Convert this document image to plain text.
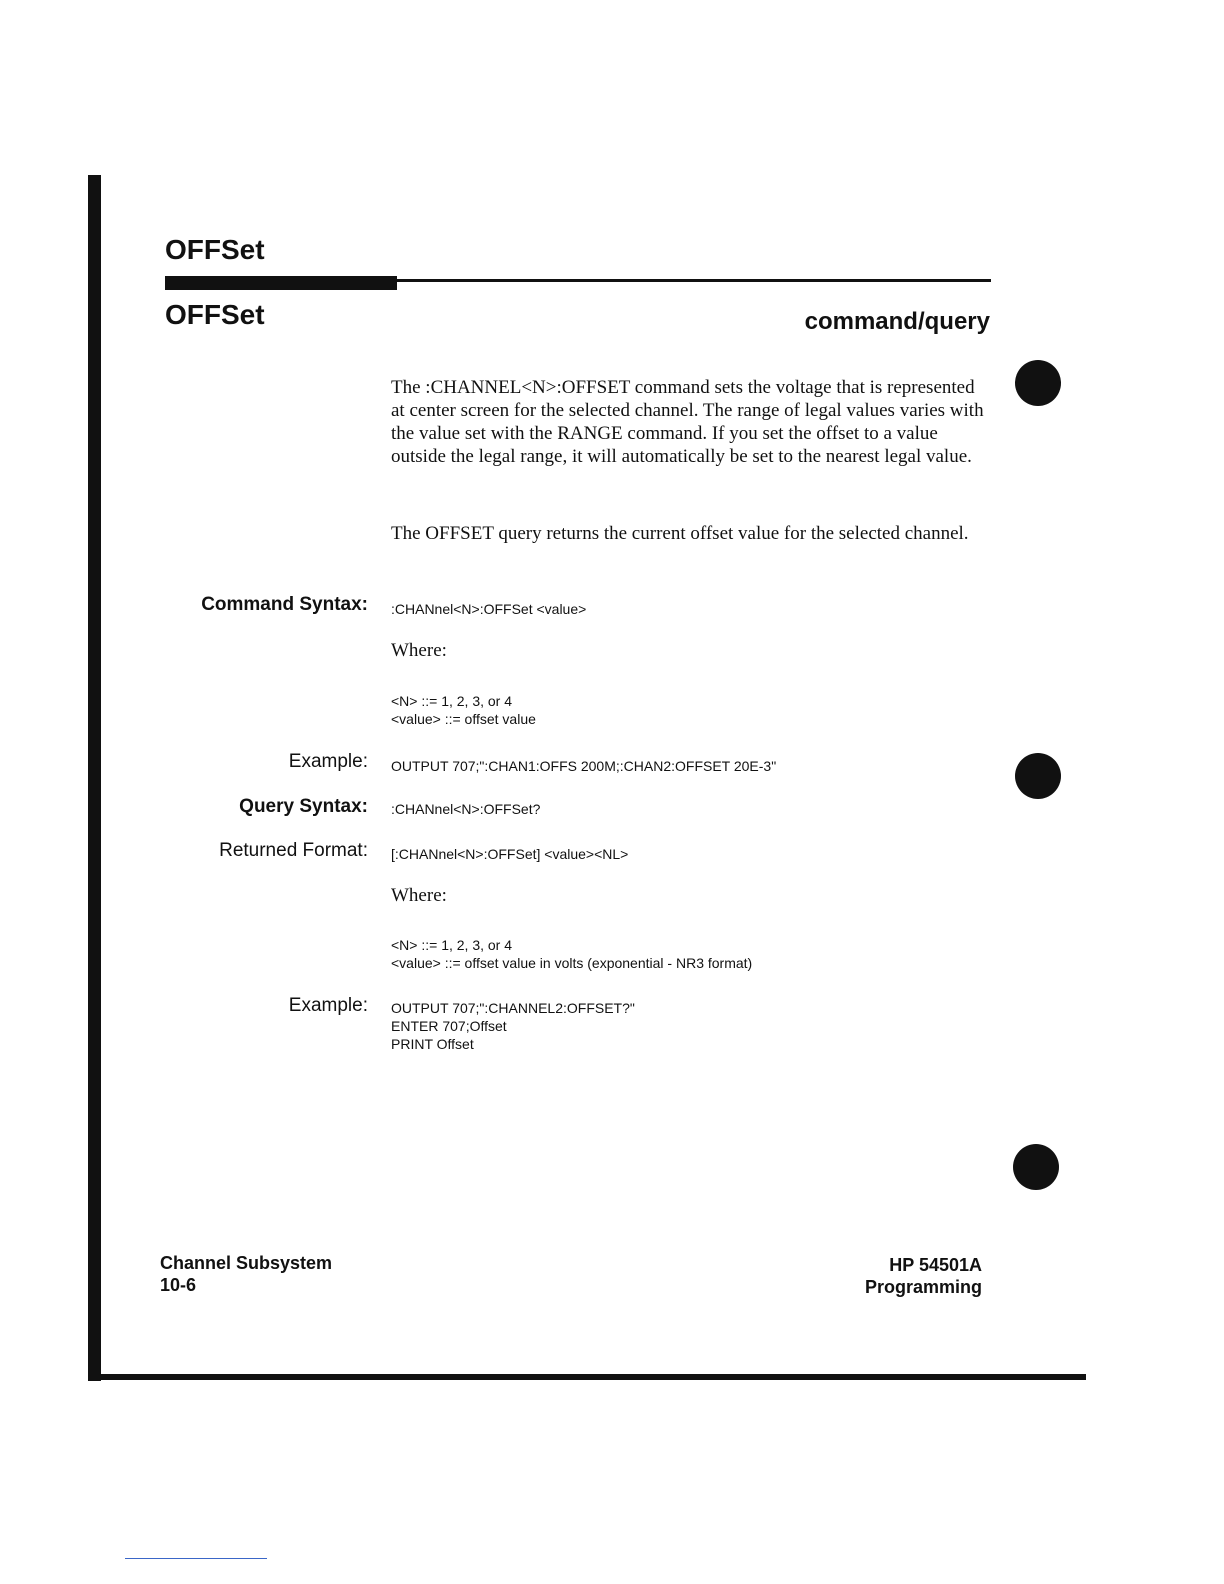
OFFSet
OFFSet	command/query
The :CHANNEL<N>:OFFSET command sets the voltage that is represented at center screen for the selected channel. The range of legal values varies with the value set with the RANGE command. If you set the offset to a value outside the legal range, it will automatically be set to the nearest legal value.
The OFFSET query returns the current offset value for the selected channel.
Command Syntax: :CHANnel<N>:OFFSet <value>
Where:
<N> ::= 1, 2, 3, or 4
<value> ::= offset value
Example: OUTPUT 707;":CHAN1:OFFS 200M;:CHAN2:OFFSET 20E-3"
Query Syntax: :CHANnel<N>:OFFSet?
Returned Format: [:CHANnel<N>:OFFSet] <value><NL>
Where:
<N> ::= 1, 2, 3, or 4
<value> ::= offset value in volts (exponential - NR3 format)
Example: OUTPUT 707;":CHANNEL2:OFFSET?"
ENTER 707;Offset
PRINT Offset
Channel Subsystem
10-6
HP 54501A
Programming
